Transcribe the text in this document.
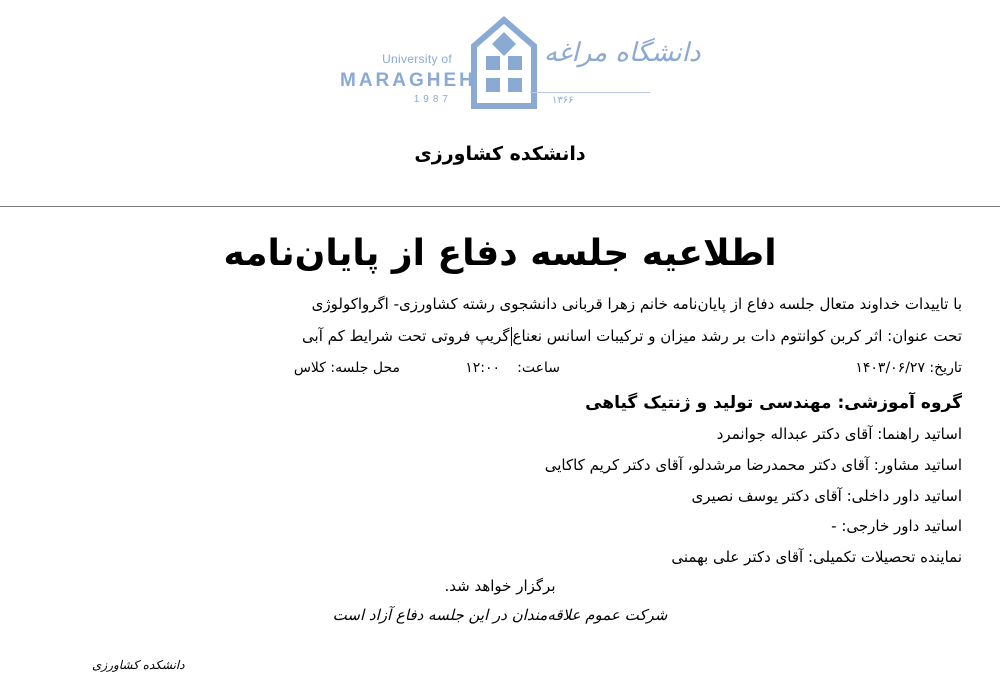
University of
MARAGHEH
1987
دانشگاه مراغه
۱۳۶۶
دانشکده کشاورزی
اطلاعیه جلسه دفاع از پایان‌نامه
با تاییدات خداوند متعال جلسه دفاع از پایان‌نامه خانم زهرا قربانی دانشجوی رشته کشاورزی- اگرواکولوژی
تحت عنوان: اثر کربن کوانتوم دات بر رشد میزان و ترکیبات اسانس نعناعگریپ فروتی تحت شرایط کم آبی
تاریخ: ۱۴۰۳/۰۶/۲۷
ساعت:
۱۲:۰۰
محل جلسه: کلاس
گروه آموزشی: مهندسی تولید و ژنتیک گیاهی
اساتید راهنما: آقای دکتر عبداله جوانمرد
اساتید مشاور: آقای دکتر محمدرضا مرشدلو، آقای دکتر کریم کاکایی
اساتید داور داخلی: آقای دکتر یوسف نصیری
اساتید داور خارجی: -
نماینده تحصیلات تکمیلی: آقای دکتر علی بهمنی
برگزار خواهد شد.
شرکت عموم علاقه‌مندان در این جلسه دفاع آزاد است
دانشکده کشاورزی
